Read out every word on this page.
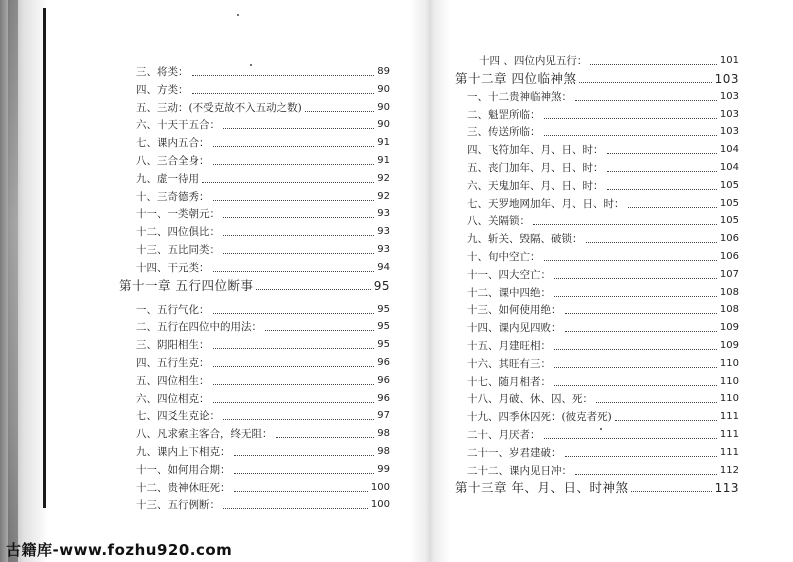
三、将类：	89
四、方类：	90
五、三动：(不受克故不入五动之数)	90
六、十天干五合：	90
七、课内五合：	91
八、三合全身：	91
九、虚一待用	92
十、三奇德秀：	92
十一、一类朝元：	93
十二、四位俱比：	93
十三、五比同类：	93
十四、干元类：	94
第十一章 五行四位断事	95
一、五行气化：	95
二、五行在四位中的用法：	95
三、阴阳相生：	95
四、五行生克：	96
五、四位相生：	96
六、四位相克：	96
七、四爻生克论：	97
八、凡求索主客合，终无阻：	98
九、课内上下相克：	98
十一、如何用合期：	99
十二、贵神休旺死：	100
十三、五行例断：	100
十四 、四位内见五行：	101
第十二章 四位临神煞	103
一、十二贵神临神煞：	103
二、魁罡所临：	103
三、传送所临：	103
四、飞符加年、月、日、时：	104
五、丧门加年、月、日、时：	104
六、天鬼加年、月、日、时：	105
七、天罗地网加年、月、日、时：	105
八、关隔锁：	105
九、斩关、毁隔、破锁：	106
十、旬中空亡：	106
十一、四大空亡：	107
十二、课中四绝：	108
十三、如何使用绝：	108
十四、课内见四败：	109
十五、月建旺相：	109
十六、其旺有三：	110
十七、随月相者：	110
十八、月破、休、囚、死：	110
十九、四季休囚死：(彼克者死)	111
二十、月厌者：	111
二十一、岁君建破：	111
二十二、课内见日冲：	112
第十三章 年、月、日、时神煞	113
古籍库-www.fozhu920.com
